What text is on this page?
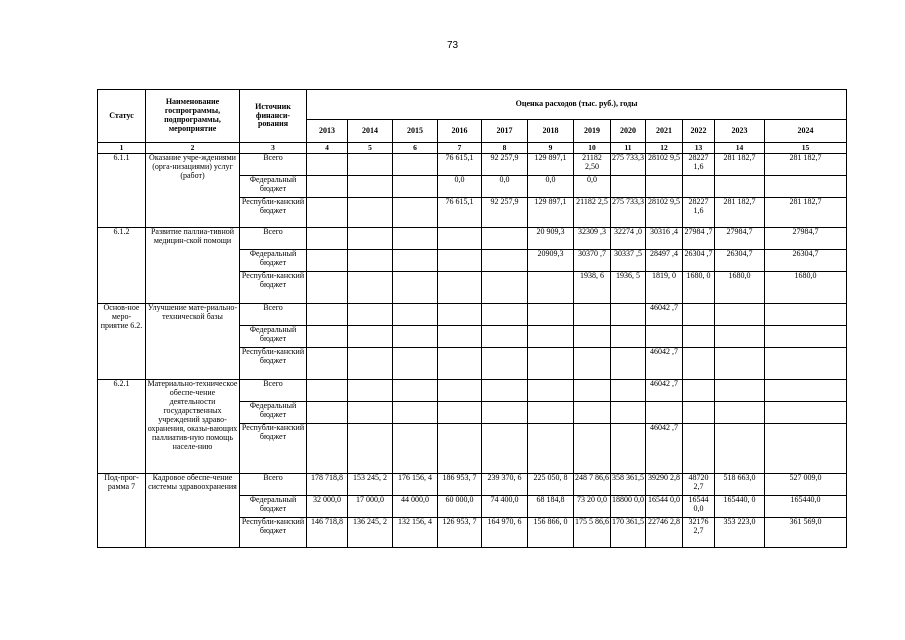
73
Статус	Наименование госпрограммы, подпрограммы, мероприятие	Источник финанси-рования	Оценка расходов (тыс. руб.), годы											
			2013	2014	2015	2016	2017	2018	2019	2020	2021	2022	2023	2024
1	2	3	4	5	6	7	8	9	10	11	12	13	14	15
6.1.1	Оказание учре-ждениями (орга-низациями) услуг (работ)	Всего				76 615,1	92 257,9	129 897,1	21182 2,50	275 733,3	28102 9,5	28227 1,6	281 182,7	281 182,7
		Федеральный бюджет				0,0	0,0	0,0	0,0					
		Республи-канский бюджет				76 615,1	92 257,9	129 897,1	21182 2,5	275 733,3	28102 9,5	28227 1,6	281 182,7	281 182,7
6.1.2	Развитие паллиа-тивной медицин-ской помощи	Всего						20 909,3	32309 ,3	32274 ,0	30316 ,4	27984 ,7	27984,7	27984,7
		Федеральный бюджет						20909,3	30370 ,7	30337 ,5	28497 ,4	26304 ,7	26304,7	26304,7
		Республи-канский бюджет							1938, 6	1936, 5	1819, 0	1680, 0	1680,0	1680,0
Основ-ное меро-приятие 6.2.	Улучшение мате-риально-технической базы	Всего									46042 ,7			
		Федеральный бюджет												
		Республи-канский бюджет									46042 ,7			
6.2.1	Материально-техническое обеспе-чение деятельности государственных учреждений здраво-охранения, оказы-вающих паллиатив-ную помощь населе-нию	Всего									46042 ,7			
		Федеральный бюджет												
		Республи-канский бюджет									46042 ,7			
Под-прог-рамма 7	Кадровое обеспе-чение системы здравоохранения	Всего	178 718,8	153 245, 2	176 156, 4	186 953, 7	239 370, 6	225 050, 8	248 7 86,6	358 361,5	39290 2,8	48720 2,7	518 663,0	527 009,0
		Федеральный бюджет	32 000,0	17 000,0	44 000,0	60 000,0	74 400,0	68 184,8	73 20 0,0	18800 0,0	16544 0,0	16544 0,0	165440, 0	165440,0
		Республи-канский бюджет	146 718,8	136 245, 2	132 156, 4	126 953, 7	164 970, 6	156 866, 0	175 5 86,6	170 361,5	22746 2,8	32176 2,7	353 223,0	361 569,0
